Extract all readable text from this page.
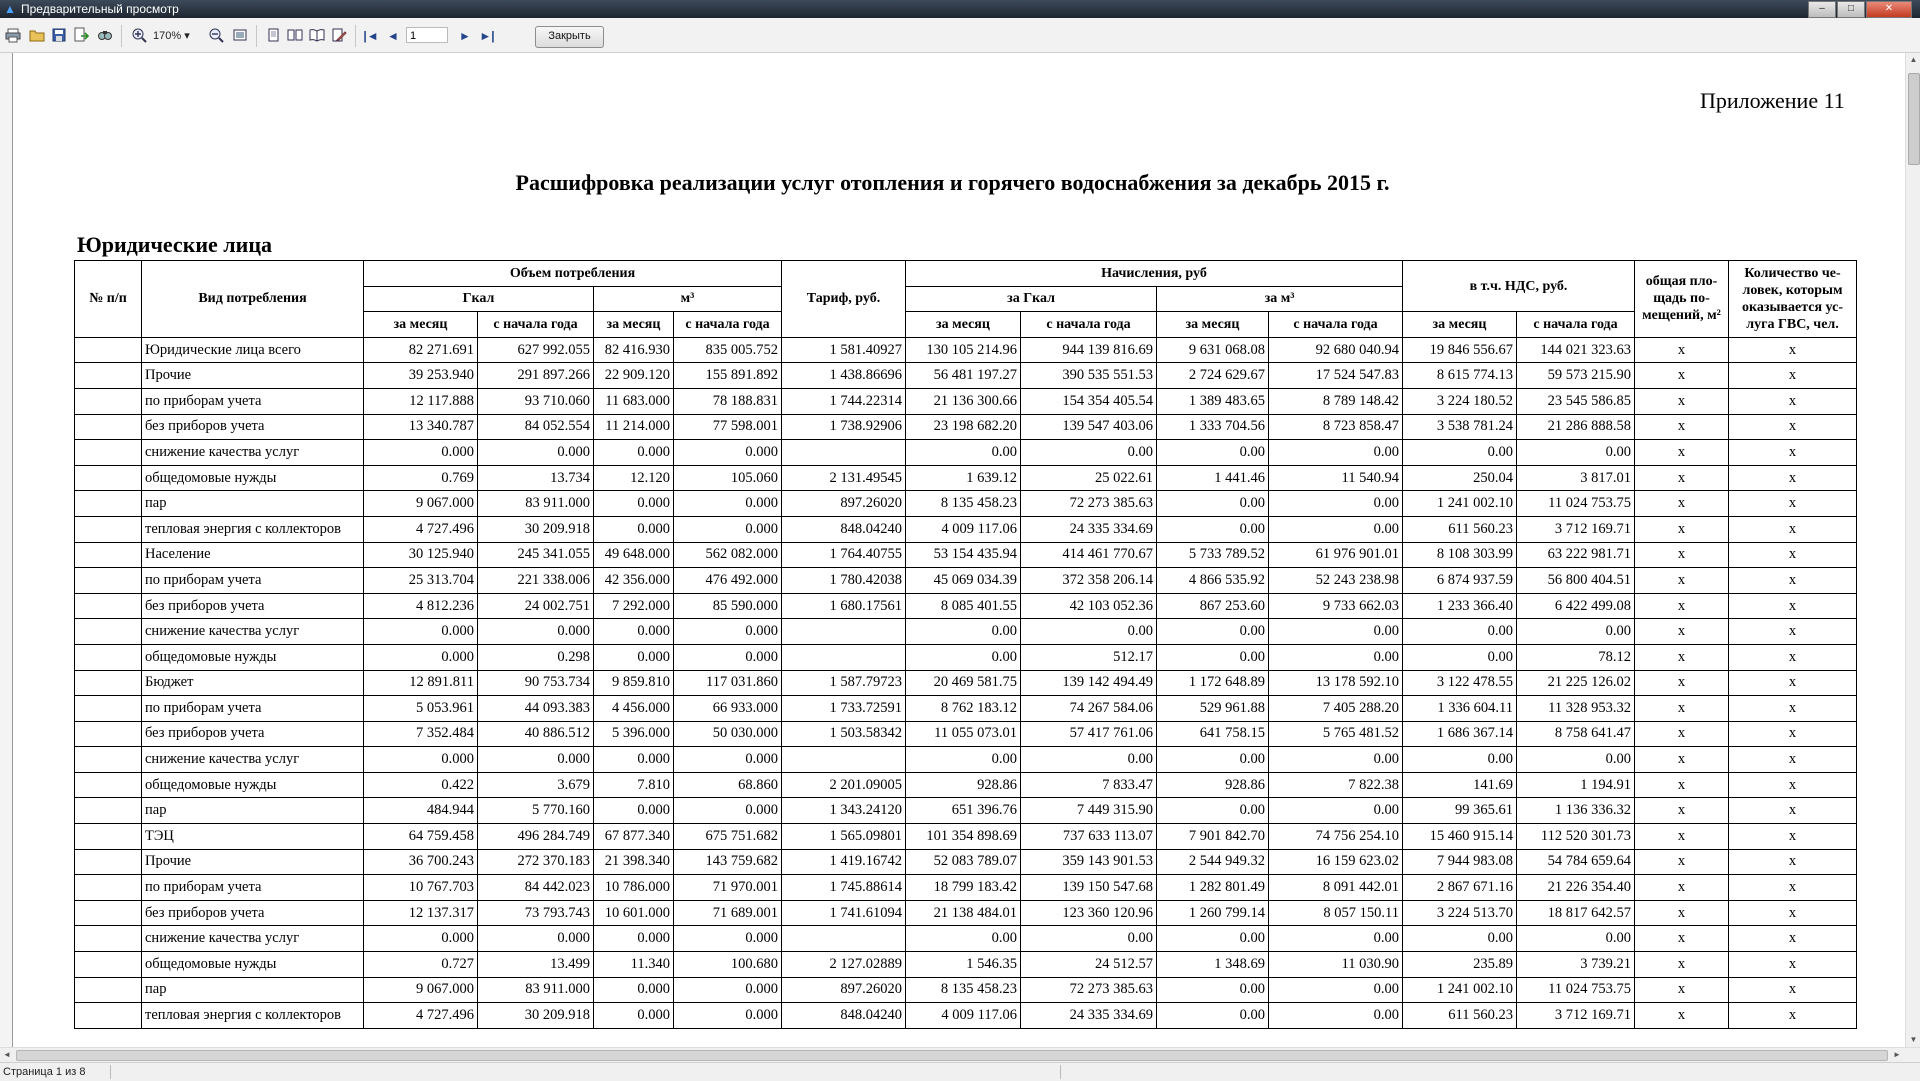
▲ Предварительный просмотр	–	□	✕
170% ▾	|◄ ◄	1	► ►|	Закрыть
Приложение 11
Расшифровка реализации услуг отопления и горячего водоснабжения за декабрь 2015 г.
Юридические лица
№ п/п	Вид потребления	Объем потребления				Тариф, руб.	Начисления, руб				в т.ч. НДС, руб.		общая пло-щадь по-мещений, м²	Количество че-ловек, которым оказывается ус-луга ГВС, чел.
		Гкал		м³			за Гкал		за м³					
		за месяц	с начала года	за месяц	с начала года		за месяц	с начала года	за месяц	с начала года	за месяц	с начала года		
	Юридические лица всего	82 271.691	627 992.055	82 416.930	835 005.752	1 581.40927	130 105 214.96	944 139 816.69	9 631 068.08	92 680 040.94	19 846 556.67	144 021 323.63	x	x
	Прочие	39 253.940	291 897.266	22 909.120	155 891.892	1 438.86696	56 481 197.27	390 535 551.53	2 724 629.67	17 524 547.83	8 615 774.13	59 573 215.90	x	x
	по приборам учета	12 117.888	93 710.060	11 683.000	78 188.831	1 744.22314	21 136 300.66	154 354 405.54	1 389 483.65	8 789 148.42	3 224 180.52	23 545 586.85	x	x
	без приборов учета	13 340.787	84 052.554	11 214.000	77 598.001	1 738.92906	23 198 682.20	139 547 403.06	1 333 704.56	8 723 858.47	3 538 781.24	21 286 888.58	x	x
	снижение качества услуг	0.000	0.000	0.000	0.000		0.00	0.00	0.00	0.00	0.00	0.00	x	x
	общедомовые нужды	0.769	13.734	12.120	105.060	2 131.49545	1 639.12	25 022.61	1 441.46	11 540.94	250.04	3 817.01	x	x
	пар	9 067.000	83 911.000	0.000	0.000	897.26020	8 135 458.23	72 273 385.63	0.00	0.00	1 241 002.10	11 024 753.75	x	x
	тепловая энергия с коллекторов	4 727.496	30 209.918	0.000	0.000	848.04240	4 009 117.06	24 335 334.69	0.00	0.00	611 560.23	3 712 169.71	x	x
	Население	30 125.940	245 341.055	49 648.000	562 082.000	1 764.40755	53 154 435.94	414 461 770.67	5 733 789.52	61 976 901.01	8 108 303.99	63 222 981.71	x	x
	по приборам учета	25 313.704	221 338.006	42 356.000	476 492.000	1 780.42038	45 069 034.39	372 358 206.14	4 866 535.92	52 243 238.98	6 874 937.59	56 800 404.51	x	x
	без приборов учета	4 812.236	24 002.751	7 292.000	85 590.000	1 680.17561	8 085 401.55	42 103 052.36	867 253.60	9 733 662.03	1 233 366.40	6 422 499.08	x	x
	снижение качества услуг	0.000	0.000	0.000	0.000		0.00	0.00	0.00	0.00	0.00	0.00	x	x
	общедомовые нужды	0.000	0.298	0.000	0.000		0.00	512.17	0.00	0.00	0.00	78.12	x	x
	Бюджет	12 891.811	90 753.734	9 859.810	117 031.860	1 587.79723	20 469 581.75	139 142 494.49	1 172 648.89	13 178 592.10	3 122 478.55	21 225 126.02	x	x
	по приборам учета	5 053.961	44 093.383	4 456.000	66 933.000	1 733.72591	8 762 183.12	74 267 584.06	529 961.88	7 405 288.20	1 336 604.11	11 328 953.32	x	x
	без приборов учета	7 352.484	40 886.512	5 396.000	50 030.000	1 503.58342	11 055 073.01	57 417 761.06	641 758.15	5 765 481.52	1 686 367.14	8 758 641.47	x	x
	снижение качества услуг	0.000	0.000	0.000	0.000		0.00	0.00	0.00	0.00	0.00	0.00	x	x
	общедомовые нужды	0.422	3.679	7.810	68.860	2 201.09005	928.86	7 833.47	928.86	7 822.38	141.69	1 194.91	x	x
	пар	484.944	5 770.160	0.000	0.000	1 343.24120	651 396.76	7 449 315.90	0.00	0.00	99 365.61	1 136 336.32	x	x
	ТЭЦ	64 759.458	496 284.749	67 877.340	675 751.682	1 565.09801	101 354 898.69	737 633 113.07	7 901 842.70	74 756 254.10	15 460 915.14	112 520 301.73	x	x
	Прочие	36 700.243	272 370.183	21 398.340	143 759.682	1 419.16742	52 083 789.07	359 143 901.53	2 544 949.32	16 159 623.02	7 944 983.08	54 784 659.64	x	x
	по приборам учета	10 767.703	84 442.023	10 786.000	71 970.001	1 745.88614	18 799 183.42	139 150 547.68	1 282 801.49	8 091 442.01	2 867 671.16	21 226 354.40	x	x
	без приборов учета	12 137.317	73 793.743	10 601.000	71 689.001	1 741.61094	21 138 484.01	123 360 120.96	1 260 799.14	8 057 150.11	3 224 513.70	18 817 642.57	x	x
	снижение качества услуг	0.000	0.000	0.000	0.000		0.00	0.00	0.00	0.00	0.00	0.00	x	x
	общедомовые нужды	0.727	13.499	11.340	100.680	2 127.02889	1 546.35	24 512.57	1 348.69	11 030.90	235.89	3 739.21	x	x
	пар	9 067.000	83 911.000	0.000	0.000	897.26020	8 135 458.23	72 273 385.63	0.00	0.00	1 241 002.10	11 024 753.75	x	x
	тепловая энергия с коллекторов	4 727.496	30 209.918	0.000	0.000	848.04240	4 009 117.06	24 335 334.69	0.00	0.00	611 560.23	3 712 169.71	x	x
▲
▼
◄	►
Страница 1 из 8
